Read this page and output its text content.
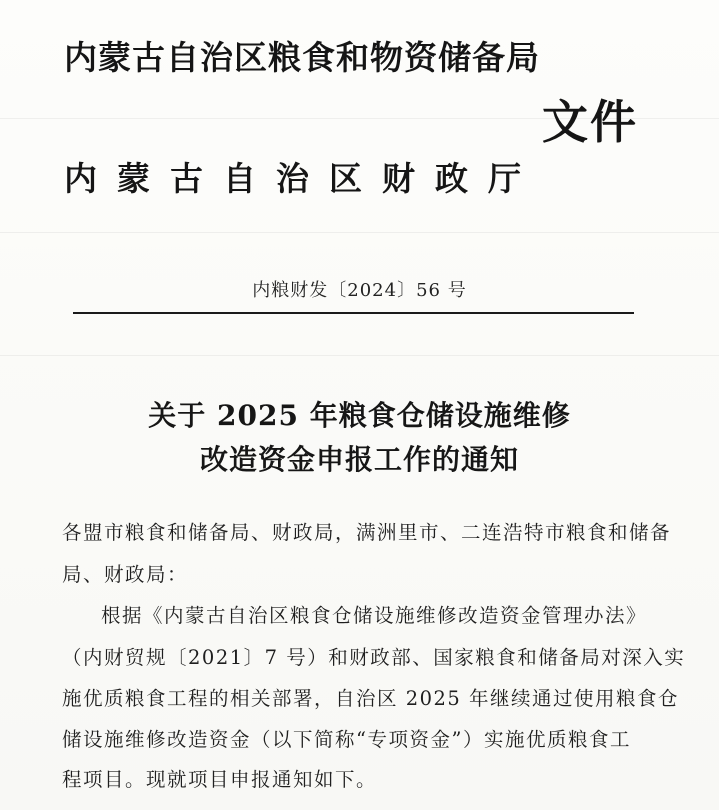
内蒙古自治区粮食和物资储备局
文件
内蒙古自治区财政厅
内粮财发〔2024〕56 号
关于 2025 年粮食仓储设施维修
改造资金申报工作的通知
各盟市粮食和储备局、财政局，满洲里市、二连浩特市粮食和储备
局、财政局：
根据《内蒙古自治区粮食仓储设施维修改造资金管理办法》
（内财贸规〔2021〕7 号）和财政部、国家粮食和储备局对深入实
施优质粮食工程的相关部署，自治区 2025 年继续通过使用粮食仓
储设施维修改造资金（以下简称“专项资金”）实施优质粮食工
程项目。现就项目申报通知如下。
